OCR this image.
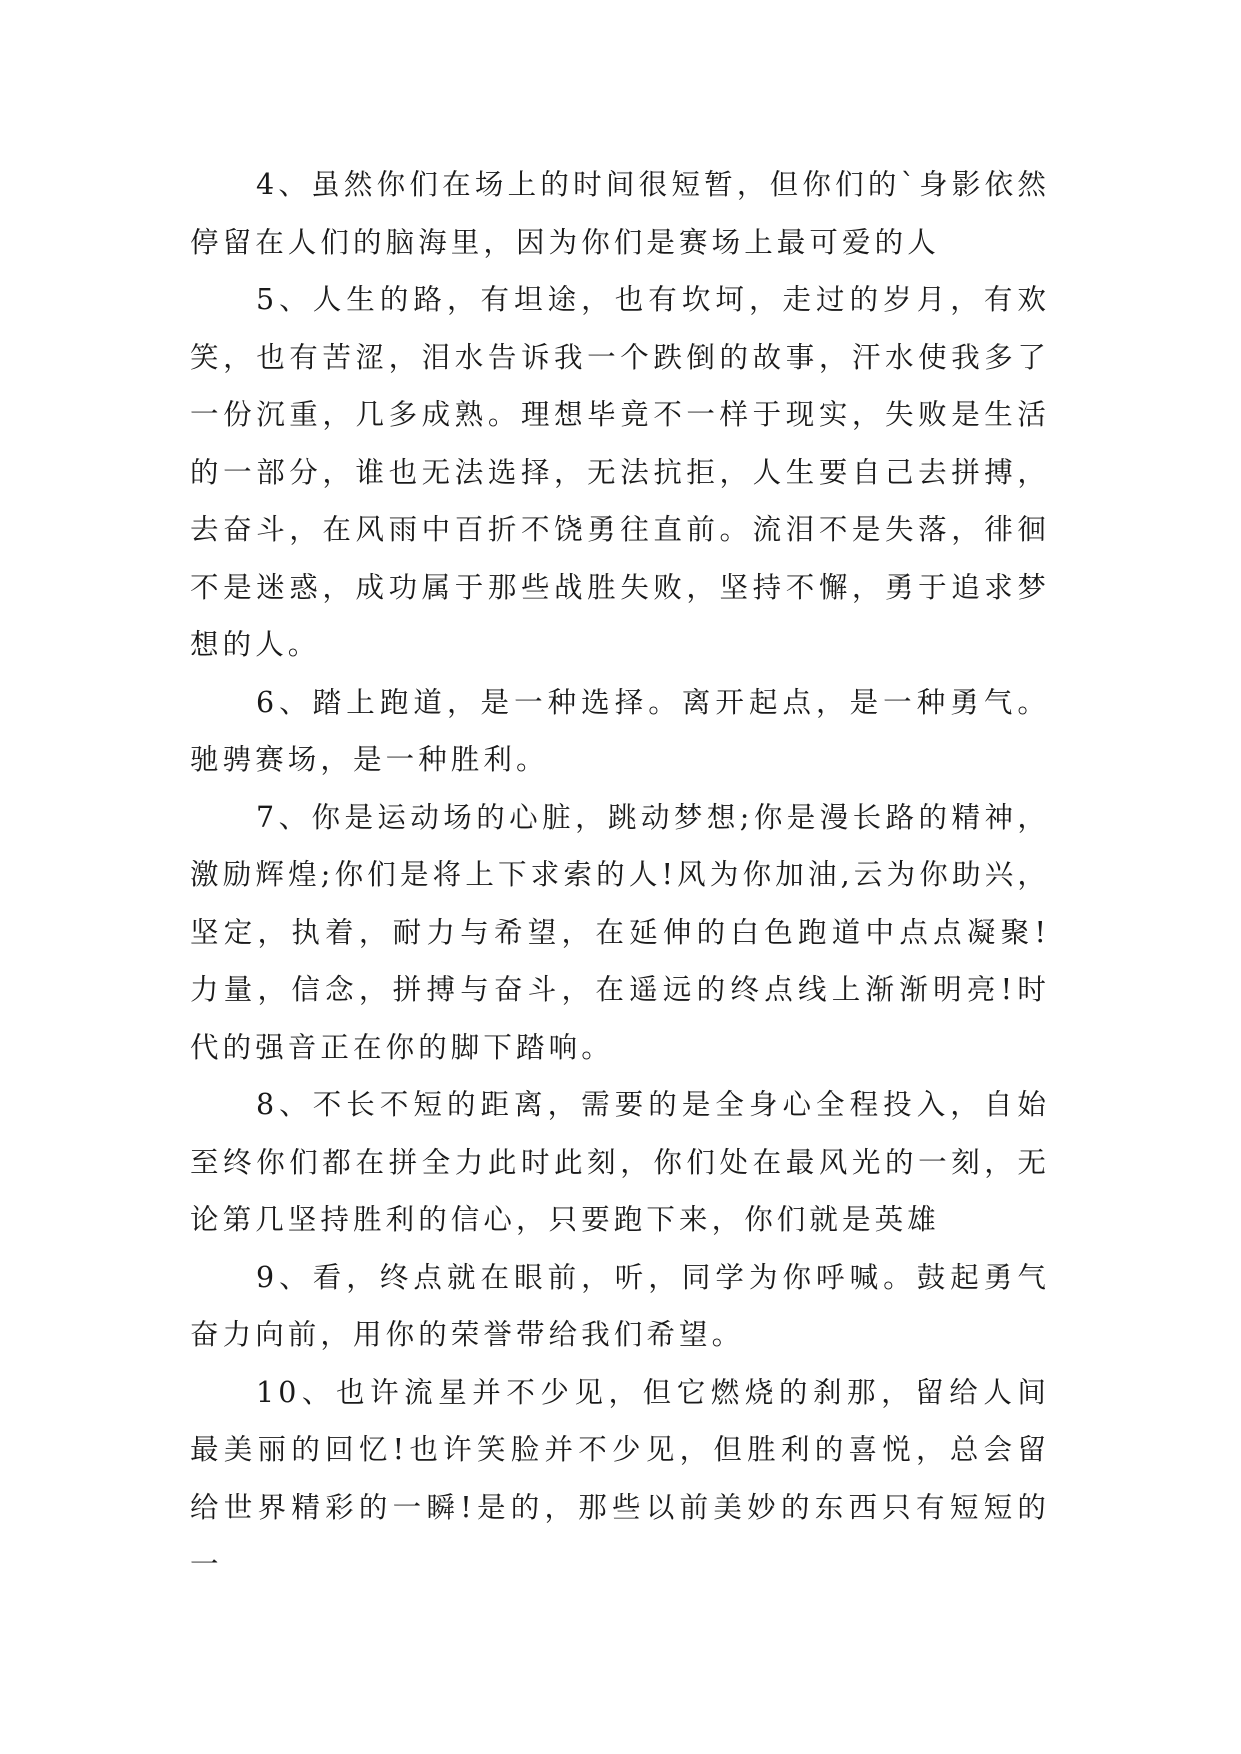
4、虽然你们在场上的时间很短暂，但你们的`身影依然停留在人们的脑海里，因为你们是赛场上最可爱的人

5、人生的路，有坦途，也有坎坷，走过的岁月，有欢笑，也有苦涩，泪水告诉我一个跌倒的故事，汗水使我多了一份沉重，几多成熟。理想毕竟不一样于现实，失败是生活的一部分，谁也无法选择，无法抗拒，人生要自己去拼搏，去奋斗，在风雨中百折不饶勇往直前。流泪不是失落，徘徊不是迷惑，成功属于那些战胜失败，坚持不懈，勇于追求梦想的人。

6、踏上跑道，是一种选择。离开起点，是一种勇气。驰骋赛场，是一种胜利。

7、你是运动场的心脏，跳动梦想;你是漫长路的精神，激励辉煌;你们是将上下求索的人!风为你加油,云为你助兴，坚定，执着，耐力与希望，在延伸的白色跑道中点点凝聚!力量，信念，拼搏与奋斗，在遥远的终点线上渐渐明亮!时代的强音正在你的脚下踏响。

8、不长不短的距离，需要的是全身心全程投入，自始至终你们都在拼全力此时此刻，你们处在最风光的一刻，无论第几坚持胜利的信心，只要跑下来，你们就是英雄

9、看，终点就在眼前，听，同学为你呼喊。鼓起勇气奋力向前，用你的荣誉带给我们希望。

10、也许流星并不少见，但它燃烧的刹那，留给人间最美丽的回忆!也许笑脸并不少见，但胜利的喜悦，总会留给世界精彩的一瞬!是的，那些以前美妙的东西只有短短的一
